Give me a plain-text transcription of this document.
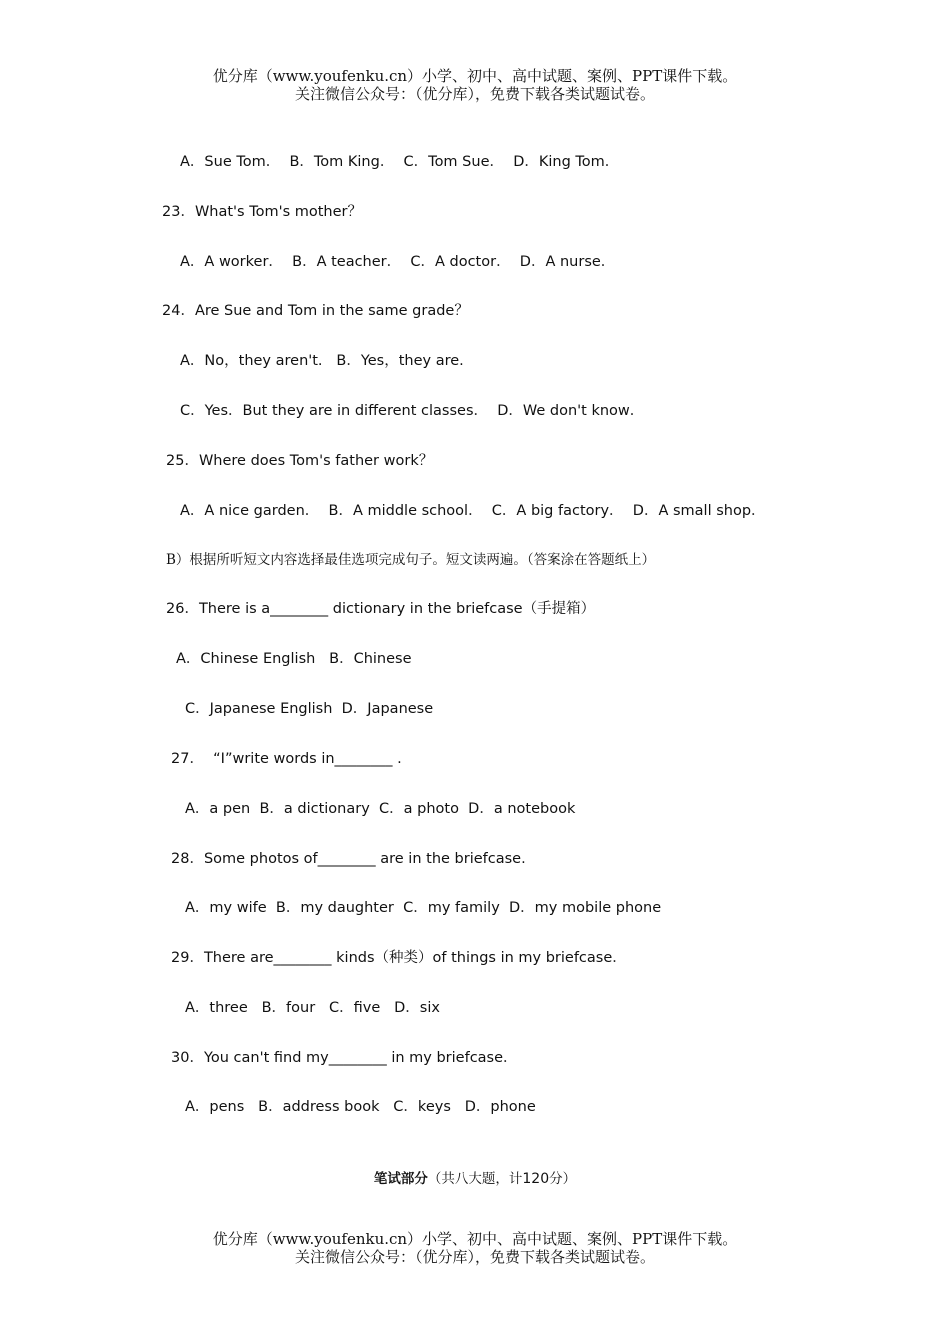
优分库（www.youfenku.cn）小学、初中、高中试题、案例、PPT课件下载。
关注微信公众号：（优分库），免费下载各类试题试卷。
A．Sue Tom．  B．Tom King．  C．Tom Sue．  D．King Tom．
23．What's Tom's mother？
A．A worker．  B．A teacher．  C．A doctor．  D．A nurse．
24．Are Sue and Tom in the same grade？
A．No，they aren't.   B．Yes，they are.
C．Yes．But they are in different classes．  D．We don't know．
25．Where does Tom's father work？
A．A nice garden．  B．A middle school．  C．A big factory．  D．A small shop．
B）根据所听短文内容选择最佳选项完成句子。短文读两遍。（答案涂在答题纸上）
26．There is a________ dictionary in the briefcase（手提箱）
A．Chinese English   B．Chinese
C．Japanese English  D．Japanese
27．  “I”write words in________ .
A．a pen  B．a dictionary  C．a photo  D．a notebook
28．Some photos of________ are in the briefcase.
A．my wife  B．my daughter  C．my family  D．my mobile phone
29．There are________ kinds（种类）of things in my briefcase．
A．three   B．four   C．five   D．six
30．You can't find my________ in my briefcase．
A．pens   B．address book   C．keys   D．phone
笔试部分（共八大题，计120分）
优分库（www.youfenku.cn）小学、初中、高中试题、案例、PPT课件下载。
关注微信公众号：（优分库），免费下载各类试题试卷。
